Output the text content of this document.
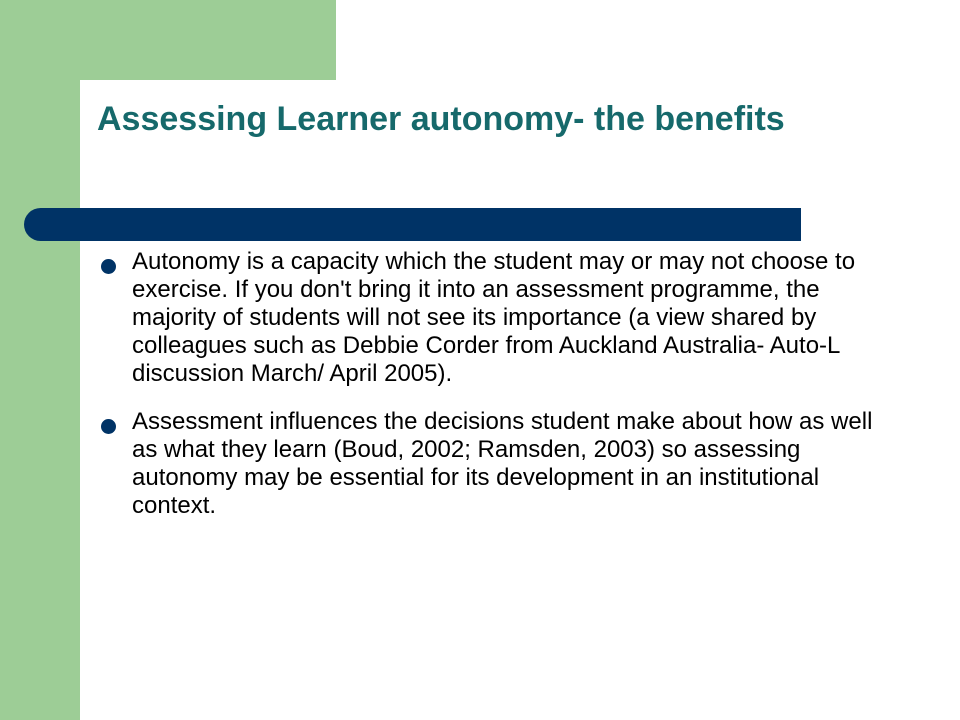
Assessing Learner autonomy- the benefits
Autonomy is a capacity which the student may or may not choose to exercise. If you don't bring it into an assessment programme, the majority of students will not see its importance (a view shared by colleagues such as Debbie Corder from Auckland Australia- Auto-L discussion March/ April 2005).
Assessment influences the decisions student make about how as well as what they learn (Boud, 2002; Ramsden, 2003) so assessing autonomy may be essential for its development in an institutional context.
